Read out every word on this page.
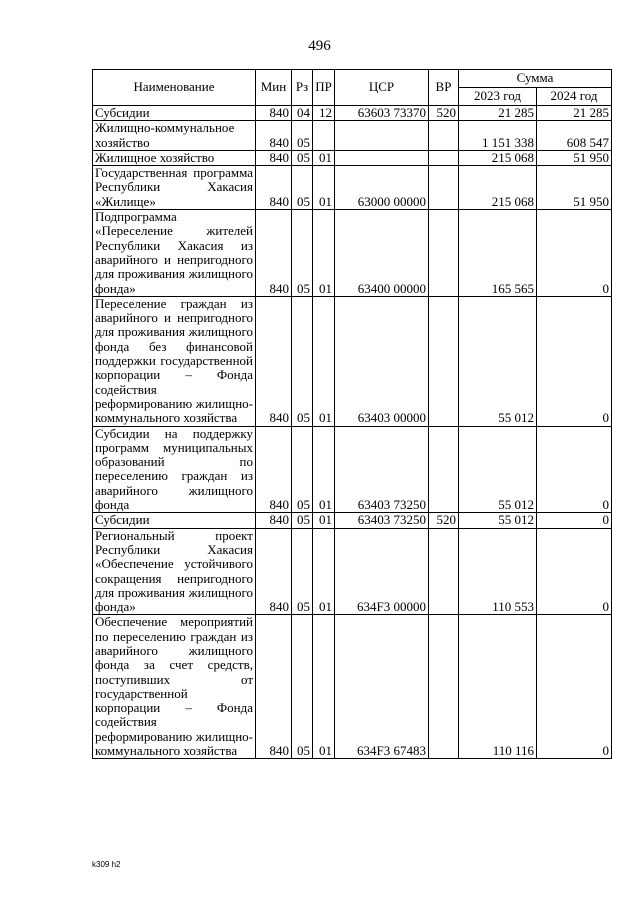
496
Наименование	Мин	Рз	ПР	ЦСР	ВР	Сумма	
						2023 год	2024 год
Субсидии	840	04	12	63603 73370	520	21 285	21 285
Жилищно-коммунальное хозяйство	840	05				1 151 338	608 547
Жилищное хозяйство	840	05	01			215 068	51 950
Государственная программа Республики Хакасия «Жилище»	840	05	01	63000 00000		215 068	51 950
Подпрограмма «Переселение жителей Республики Хакасия из аварийного и непригодного для проживания жилищного фонда»	840	05	01	63400 00000		165 565	0
Переселение граждан из аварийного и непригодного для проживания жилищного фонда без финансовой поддержки государственной корпорации – Фонда содействия реформированию жилищно-коммунального хозяйства	840	05	01	63403 00000		55 012	0
Субсидии на поддержку программ муниципальных образований по переселению граждан из аварийного жилищного фонда	840	05	01	63403 73250		55 012	0
Субсидии	840	05	01	63403 73250	520	55 012	0
Региональный проект Республики Хакасия «Обеспечение устойчивого сокращения непригодного для проживания жилищного фонда»	840	05	01	634F3 00000		110 553	0
Обеспечение мероприятий по переселению граждан из аварийного жилищного фонда за счет средств, поступивших от государственной корпорации – Фонда содействия реформированию жилищно-коммунального хозяйства	840	05	01	634F3 67483		110 116	0
k309 h2
